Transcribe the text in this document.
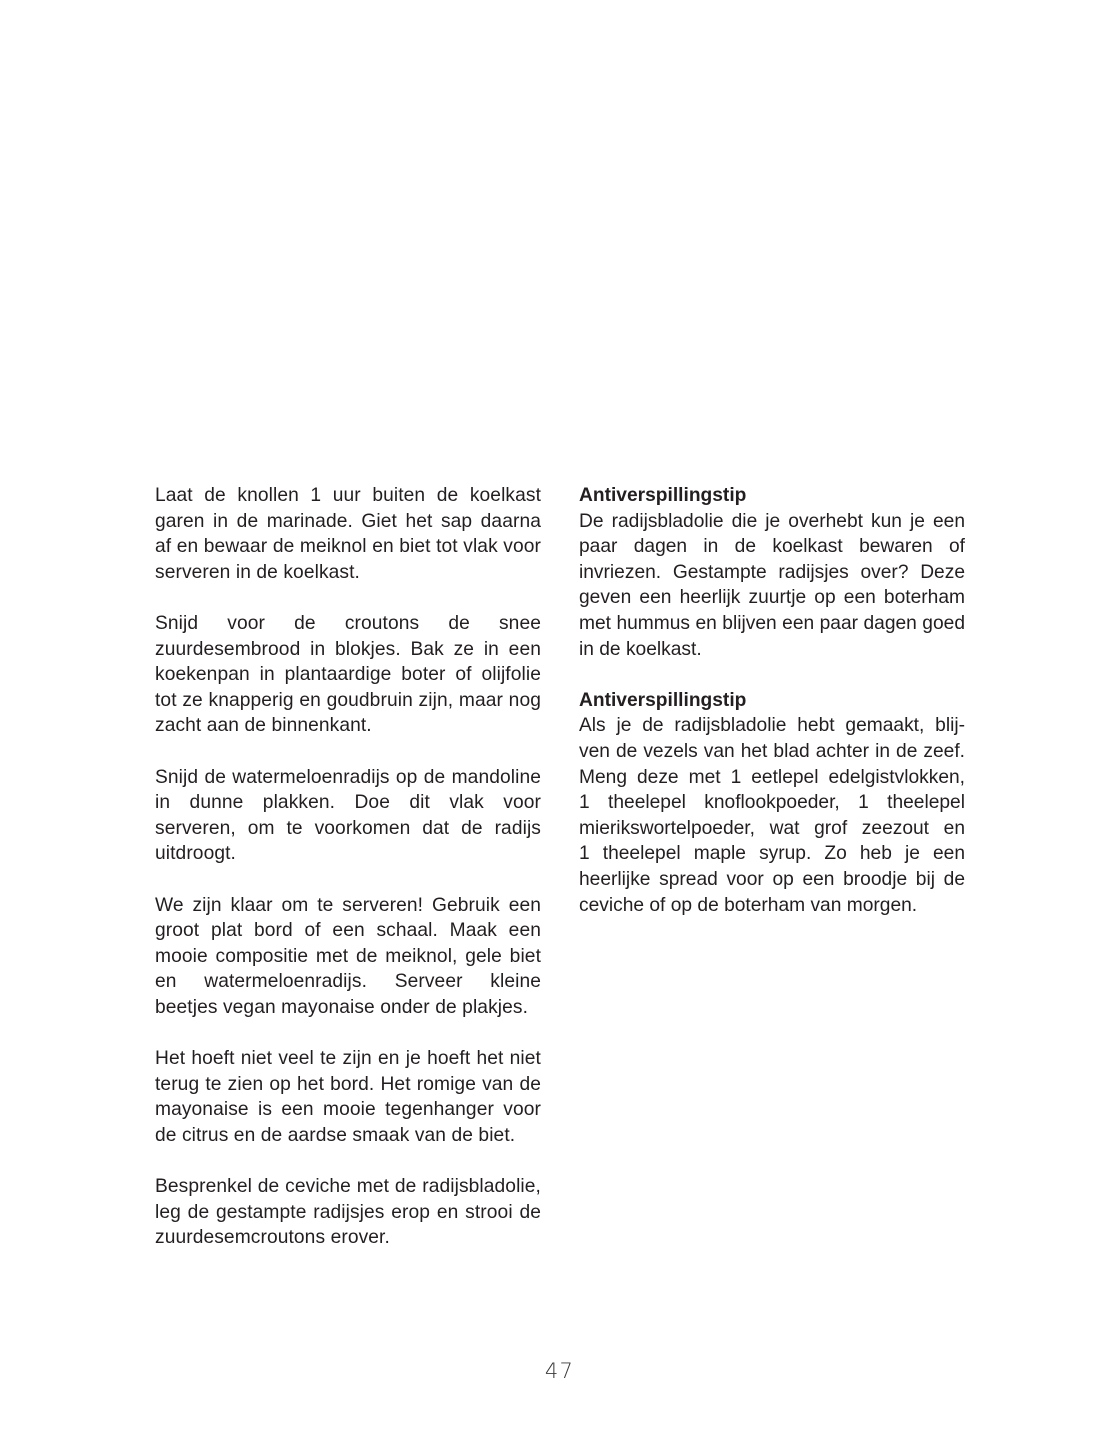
Laat de knollen 1 uur buiten de koelkast garen in de marinade. Giet het sap daarna af en bewaar de meiknol en biet tot vlak voor serveren in de koelkast.

Snijd voor de croutons de snee zuurdesembrood in blokjes. Bak ze in een koekenpan in plantaardige boter of olijfolie tot ze knapperig en goudbruin zijn, maar nog zacht aan de binnenkant.

Snijd de watermeloenradijs op de mandoline in dunne plakken. Doe dit vlak voor serveren, om te voorkomen dat de radijs uitdroogt.

We zijn klaar om te serveren! Gebruik een groot plat bord of een schaal. Maak een mooie compositie met de meiknol, gele biet en watermeloenradijs. Serveer kleine beetjes vegan mayonaise onder de plakjes.

Het hoeft niet veel te zijn en je hoeft het niet terug te zien op het bord. Het romige van de mayonaise is een mooie tegenhanger voor de citrus en de aardse smaak van de biet.

Besprenkel de ceviche met de radijsbladolie, leg de gestampte radijsjes erop en strooi de zuurdesemcroutons erover.

Antiverspillingstip

De radijsbladolie die je overhebt kun je een paar dagen in de koelkast bewaren of invriezen. Gestampte radijsjes over? Deze geven een heerlijk zuurtje op een boterham met hummus en blijven een paar dagen goed in de koelkast.

Antiverspillingstip

Als je de radijsbladolie hebt gemaakt, blij-
ven de vezels van het blad achter in de zeef.
Meng deze met 1 eetlepel edelgistvlokken,
1 theelepel knoflookpoeder, 1 theelepel
mierikswortelpoeder, wat grof zeezout en
1 theelepel maple syrup. Zo heb je een
heerlijke spread voor op een broodje bij de
ceviche of op de boterham van morgen.

47
